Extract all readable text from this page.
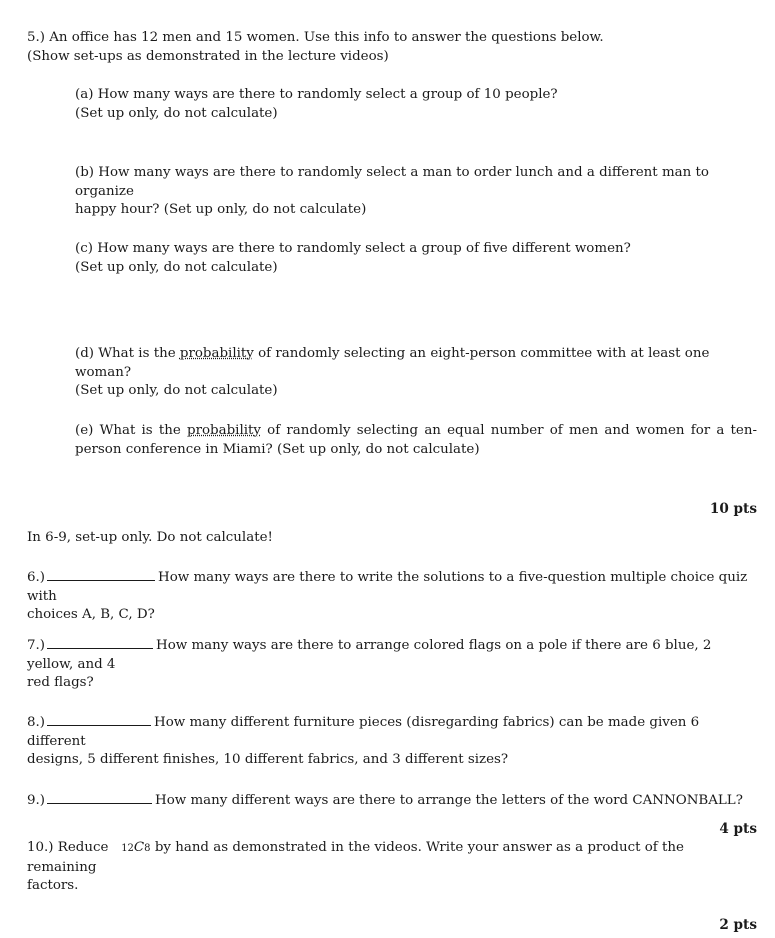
5.) An office has 12 men and 15 women. Use this info to answer the questions below.
(Show set-ups as demonstrated in the lecture videos)
(a) How many ways are there to randomly select a group of 10 people?
(Set up only, do not calculate)
(b) How many ways are there to randomly select a man to order lunch and a different man to organize
happy hour? (Set up only, do not calculate)
(c) How many ways are there to randomly select a group of five different women?
(Set up only, do not calculate)
(d) What is the probability of randomly selecting an eight-person committee with at least one woman?
(Set up only, do not calculate)
(e) What is the probability of randomly selecting an equal number of men and women for a ten-person conference in Miami? (Set up only, do not calculate)
10 pts
In 6-9, set-up only. Do not calculate!
6.)	How many ways are there to write the solutions to a five-question multiple choice quiz with
choices A, B, C, D?
7.)	How many ways are there to arrange colored flags on a pole if there are 6 blue, 2 yellow, and 4
red flags?
8.)	How many different furniture pieces (disregarding fabrics) can be made given 6 different
designs, 5 different finishes, 10 different fabrics, and 3 different sizes?
9.)	How many different ways are there to arrange the letters of the word CANNONBALL?
4 pts
10.) Reduce 12C8 by hand as demonstrated in the videos. Write your answer as a product of the remaining
factors.
2 pts
